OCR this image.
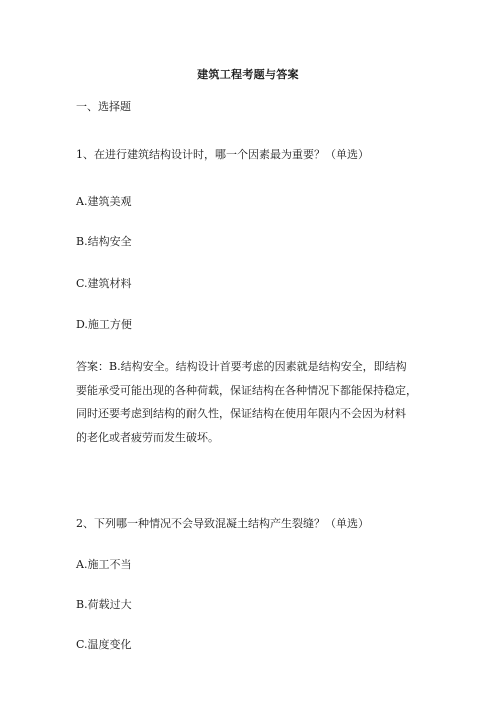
建筑工程考题与答案
一、选择题
1、在进行建筑结构设计时，哪一个因素最为重要？（单选）
A.建筑美观
B.结构安全
C.建筑材料
D.施工方便
答案：B.结构安全。结构设计首要考虑的因素就是结构安全，即结构
要能承受可能出现的各种荷载，保证结构在各种情况下都能保持稳定，
同时还要考虑到结构的耐久性，保证结构在使用年限内不会因为材料
的老化或者疲劳而发生破坏。
2、下列哪一种情况不会导致混凝土结构产生裂缝？（单选）
A.施工不当
B.荷载过大
C.温度变化
